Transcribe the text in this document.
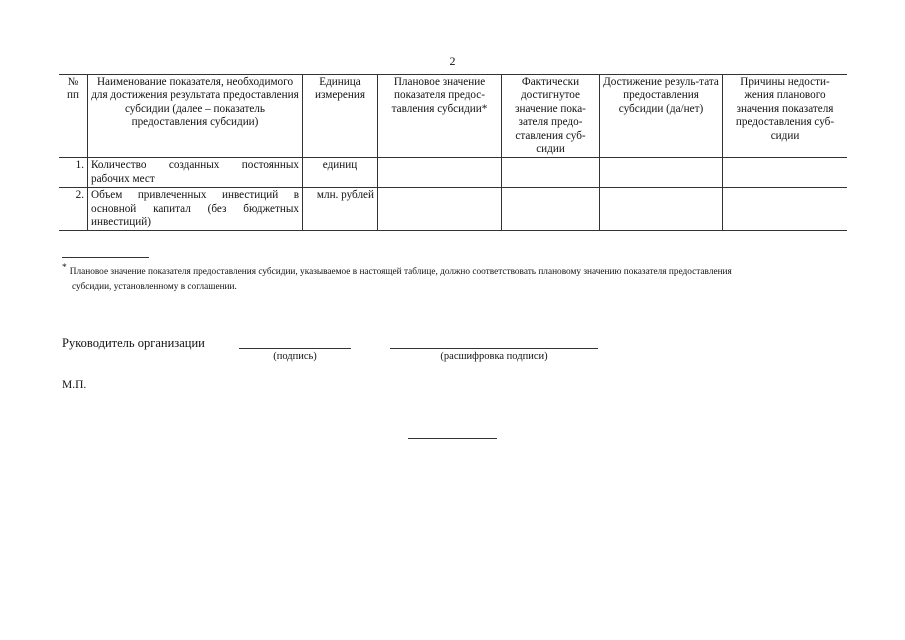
2
№ пп	Наименование показателя, необходимого для достижения результата предоставления субсидии (далее – показатель предоставления субсидии)	Единица измерения	Плановое значение показателя предос-тавления субсидии*	Фактически достигнутое значение пока-зателя предо-ставления суб-сидии	Достижение резуль-тата предоставления субсидии (да/нет)	Причины недости-жения планового значения показателя предоставления суб-сидии
1.	Количество созданных постоянных рабочих мест	единиц				
2.	Объем привлеченных инвестиций в основной капитал (без бюджетных инвестиций)	млн. рублей				
* Плановое значение показателя предоставления субсидии, указываемое в настоящей таблице, должно соответствовать плановому значению показателя предоставления
субсидии, установленному в соглашении.
Руководитель организации
(подпись)	(расшифровка подписи)
М.П.
